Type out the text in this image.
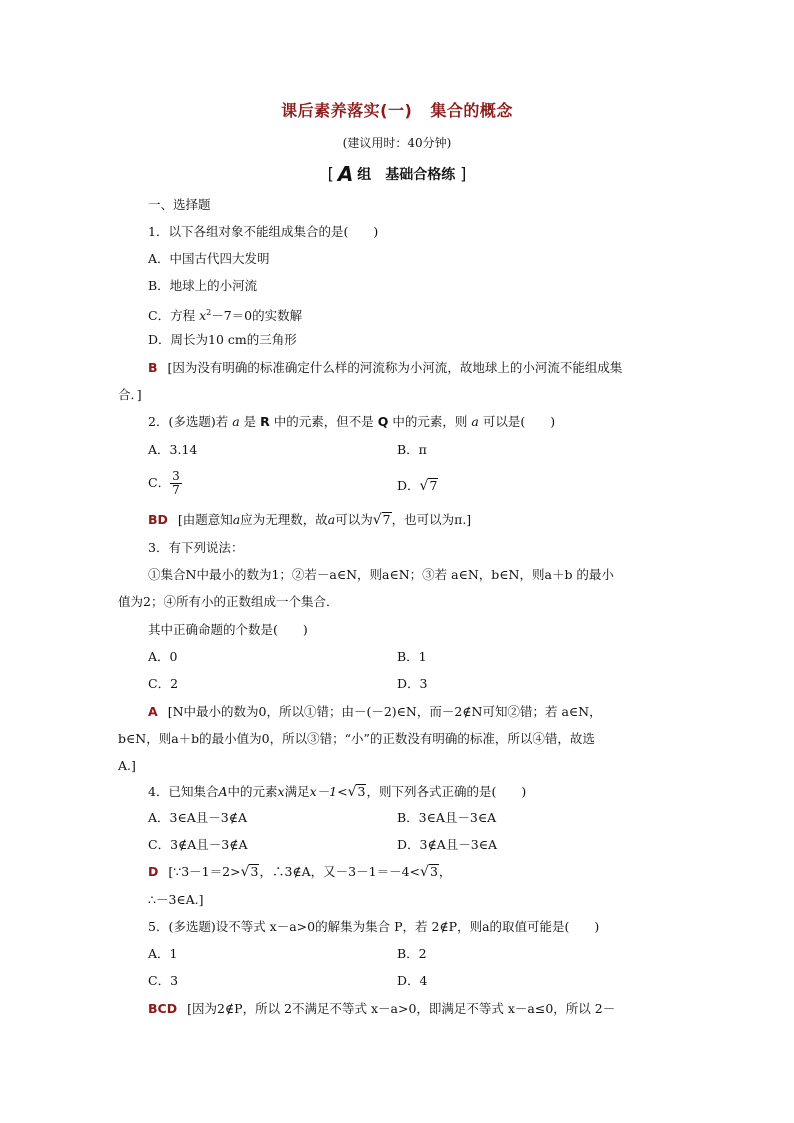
课后素养落实(一) 集合的概念
(建议用时：40分钟)
[ A 组　基础合格练 ]
一、选择题
1．以下各组对象不能组成集合的是(　　)
A．中国古代四大发明
B．地球上的小河流
C．方程 $x^2-7=0$的实数解
D．周长为10 cm的三角形
B [因为没有明确的标准确定什么样的河流称为小河流，故地球上的小河流不能组成集
合．]
2．(多选题)若 a 是 R 中的元素，但不是 Q 中的元素，则 a 可以是(　　)
A．3.14	B．π
C． $\frac{3}{7}$	D．√7
BD [由题意知a应为无理数，故a可以为√7，也可以为π.]
3．有下列说法：
①集合N中最小的数为1；②若－a∈N，则a∈N；③若 a∈N，b∈N，则a＋b 的最小
值为2；④所有小的正数组成一个集合．
其中正确命题的个数是(　　)
A．0	B．1
C．2	D．3
A [N中最小的数为0，所以①错；由－(－2)∈N，而－2∉N可知②错；若 a∈N，
b∈N，则a＋b的最小值为0，所以③错；“小”的正数没有明确的标准，所以④错，故选
A.]
4．已知集合A中的元素x满足x－1<√3，则下列各式正确的是(　　)
A．3∈A且－3∉A	B．3∈A且－3∈A
C．3∉A且－3∉A	D．3∉A且－3∈A
D [∵3－1＝2>√3，∴3∉A，又－3－1＝－4<√3，
∴－3∈A.]
5．(多选题)设不等式 x－a>0的解集为集合 P，若 2∉P，则a的取值可能是(　　)
A．1	B．2
C．3	D．4
BCD [因为2∉P，所以 2不满足不等式 x－a>0，即满足不等式 x－a≤0，所以 2－
